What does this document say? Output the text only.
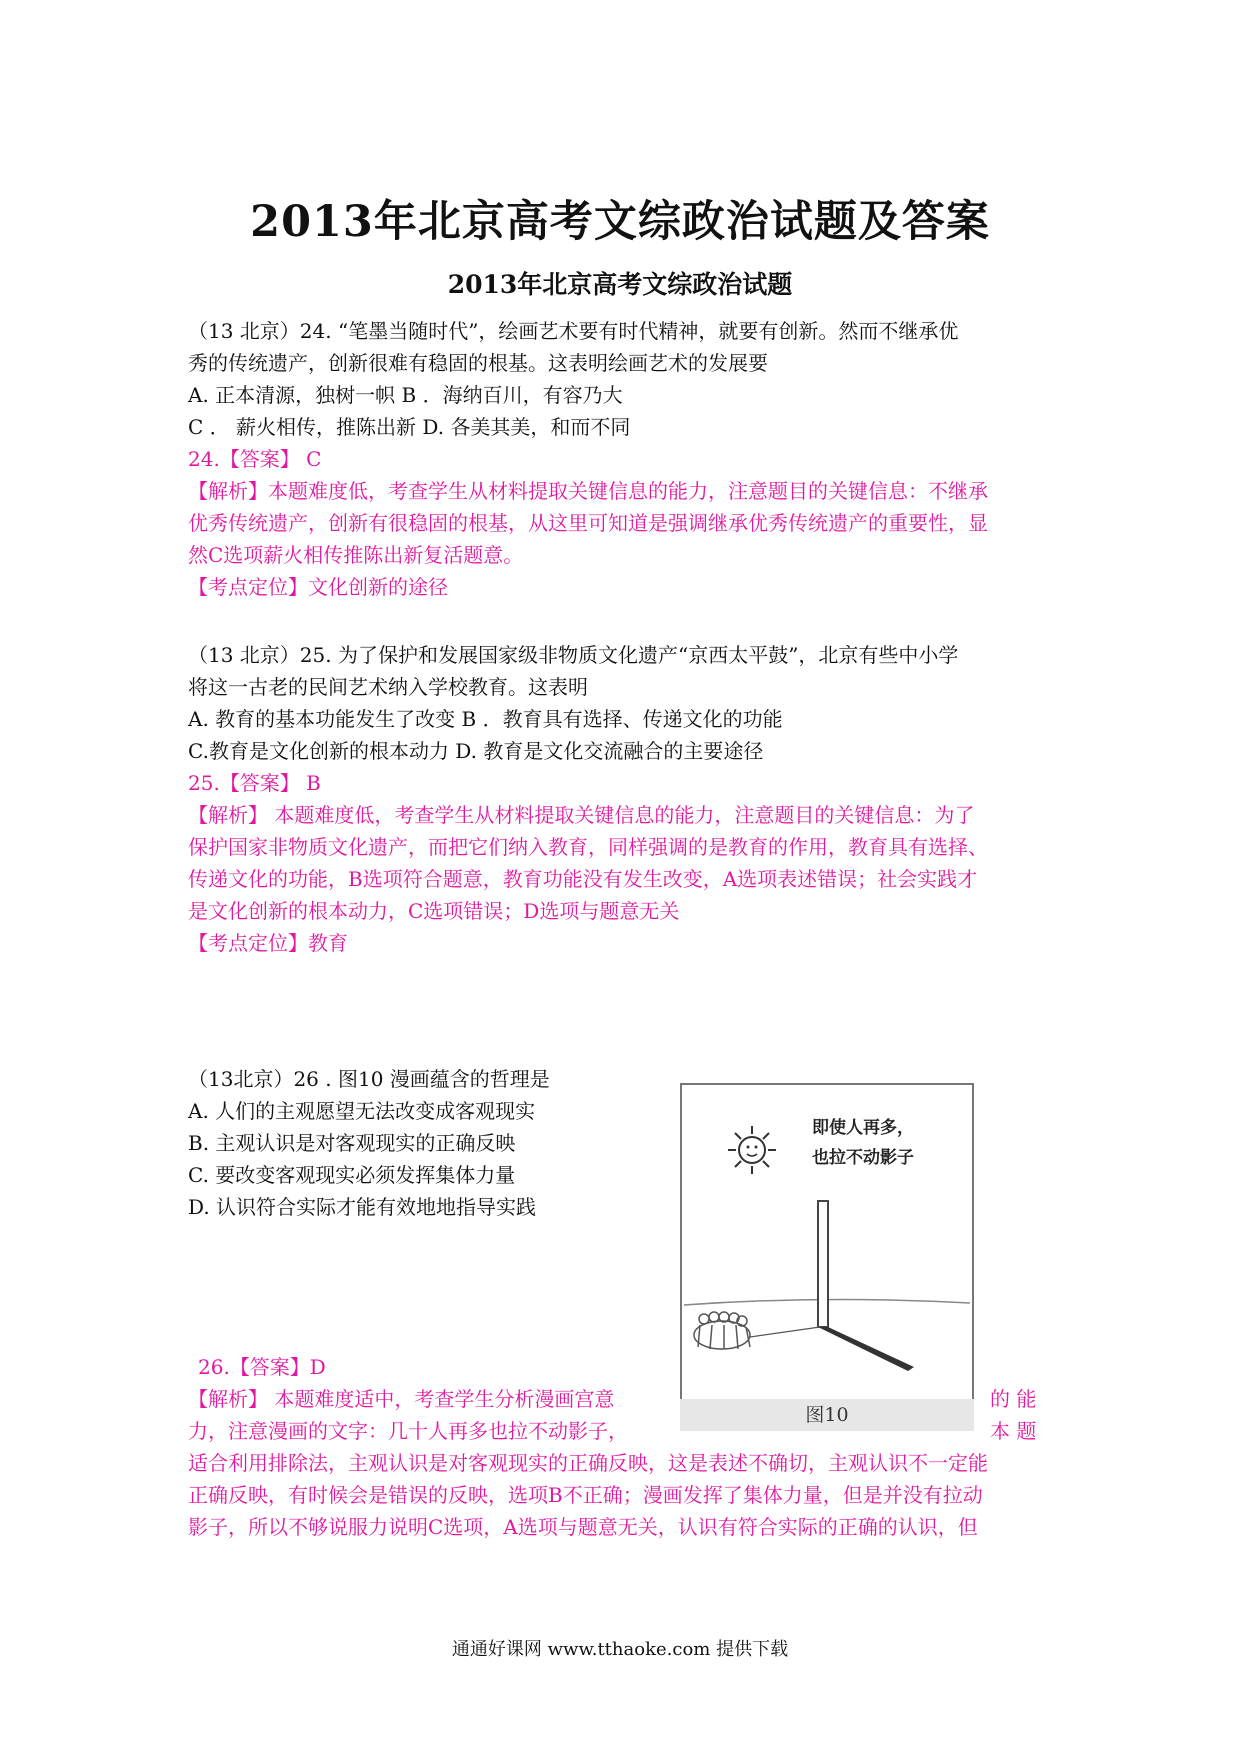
2013年北京高考文综政治试题及答案
2013年北京高考文综政治试题
（13 北京）24. “笔墨当随时代”，绘画艺术要有时代精神，就要有创新。然而不继承优
秀的传统遗产，创新很难有稳固的根基。这表明绘画艺术的发展要
A. 正本清源，独树一帜 B ．海纳百川，有容乃大
C ． 薪火相传，推陈出新 D. 各美其美，和而不同
24.【答案】 C
【解析】本题难度低，考查学生从材料提取关键信息的能力，注意题目的关键信息：不继承
优秀传统遗产，创新有很稳固的根基，从这里可知道是强调继承优秀传统遗产的重要性，显
然C选项薪火相传推陈出新复活题意。
【考点定位】文化创新的途径
（13 北京）25. 为了保护和发展国家级非物质文化遗产“京西太平鼓”，北京有些中小学
将这一古老的民间艺术纳入学校教育。这表明
A. 教育的基本功能发生了改变 B ．教育具有选择、传递文化的功能
C.教育是文化创新的根本动力 D. 教育是文化交流融合的主要途径
25.【答案】 B
【解析】 本题难度低，考查学生从材料提取关键信息的能力，注意题目的关键信息：为了
保护国家非物质文化遗产，而把它们纳入教育，同样强调的是教育的作用，教育具有选择、
传递文化的功能，B选项符合题意，教育功能没有发生改变，A选项表述错误；社会实践才
是文化创新的根本动力，C选项错误；D选项与题意无关
【考点定位】教育
（13北京）26 . 图10 漫画蕴含的哲理是
A. 人们的主观愿望无法改变成客观现实
B. 主观认识是对客观现实的正确反映
C. 要改变客观现实必须发挥集体力量
D. 认识符合实际才能有效地地指导实践
26.【答案】D
【解析】 本题难度适中，考查学生分析漫画宫意
力，注意漫画的文字：几十人再多也拉不动影子，
的 能
本 题
适合利用排除法，主观认识是对客观现实的正确反映，这是表述不确切，主观认识不一定能
正确反映，有时候会是错误的反映，选项B不正确；漫画发挥了集体力量，但是并没有拉动
影子，所以不够说服力说明C选项，A选项与题意无关，认识有符合实际的正确的认识，但
即使人再多，
也拉不动影子
图10
通通好课网 www.tthaoke.com 提供下载
